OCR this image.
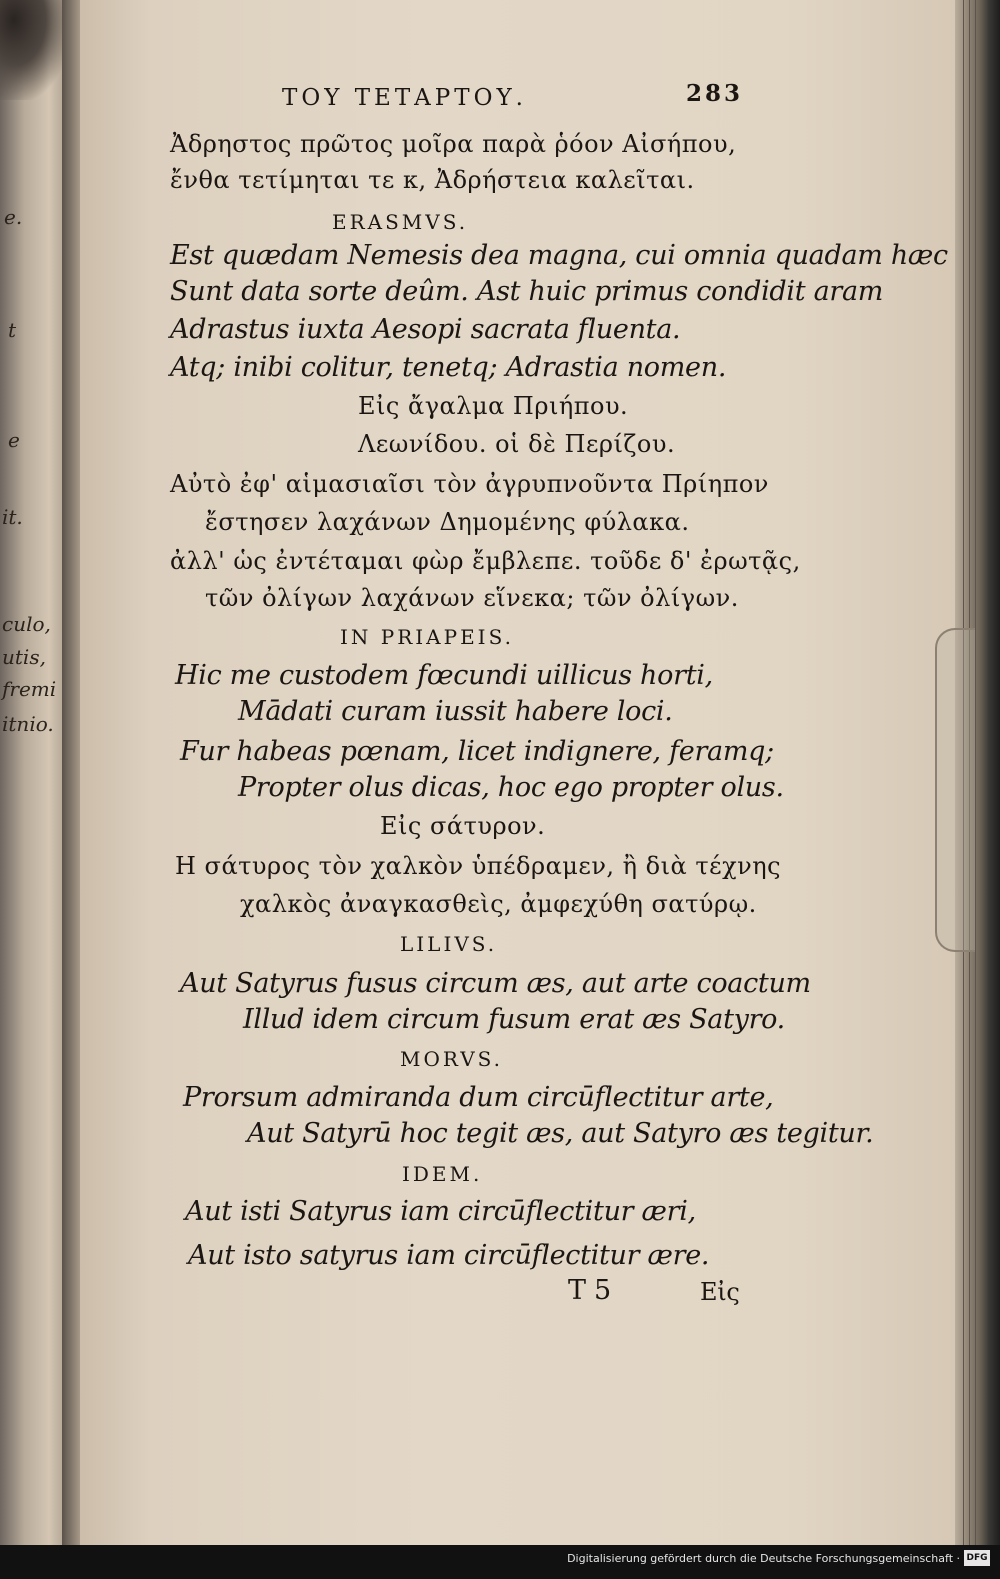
e.
t
e
it.
culo,
utis,
fremi
itnio.
ΤΟΥ ΤΕΤΑΡΤΟΥ.	283
Ἀδρηστος πρῶτος μοῖρα παρὰ ῥόον Αἰσήπου,
ἔνθα τετίμηται τε κ, Ἀδρήστεια καλεῖται.
ERASMVS.
Est quædam Nemesis dea magna, cui omnia quadam hæc
Sunt data sorte deûm. Ast huic primus condidit aram
Adrastus iuxta Aesopi sacrata fluenta.
Atq; inibi colitur, tenetq; Adrastia nomen.
Εἰς ἄγαλμα Πριήπου.
Λεωνίδου. οἱ δὲ Περίζου.
Αὐτὸ ἐφ' αἱμασιαῖσι τὸν ἀγρυπνοῦντα Πρίηπον
ἔστησεν λαχάνων Δημομένης φύλακα.
ἀλλ' ὡς ἐντέταμαι φὼρ ἔμβλεπε. τοῦδε δ' ἐρωτᾷς,
τῶν ὀλίγων λαχάνων εἵνεκα; τῶν ὀλίγων.
IN PRIAPEIS.
Hic me custodem fœcundi uillicus horti,
Mādati curam iussit habere loci.
Fur habeas pœnam, licet indignere, feramq;
Propter olus dicas, hoc ego propter olus.
Εἰς σάτυρον.
Η σάτυρος τὸν χαλκὸν ὑπέδραμεν, ἢ διὰ τέχνης
χαλκὸς ἀναγκασθεὶς, ἀμφεχύθη σατύρῳ.
LILIVS.
Aut Satyrus fusus circum æs, aut arte coactum
Illud idem circum fusum erat æs Satyro.
MORVS.
Prorsum admiranda dum circūflectitur arte,
Aut Satyrū hoc tegit æs, aut Satyro æs tegitur.
IDEM.
Aut isti Satyrus iam circūflectitur æri,
Aut isto satyrus iam circūflectitur ære.
T 5	Εἰς
Digitalisierung gefördert durch die Deutsche Forschungsgemeinschaft · DFG
